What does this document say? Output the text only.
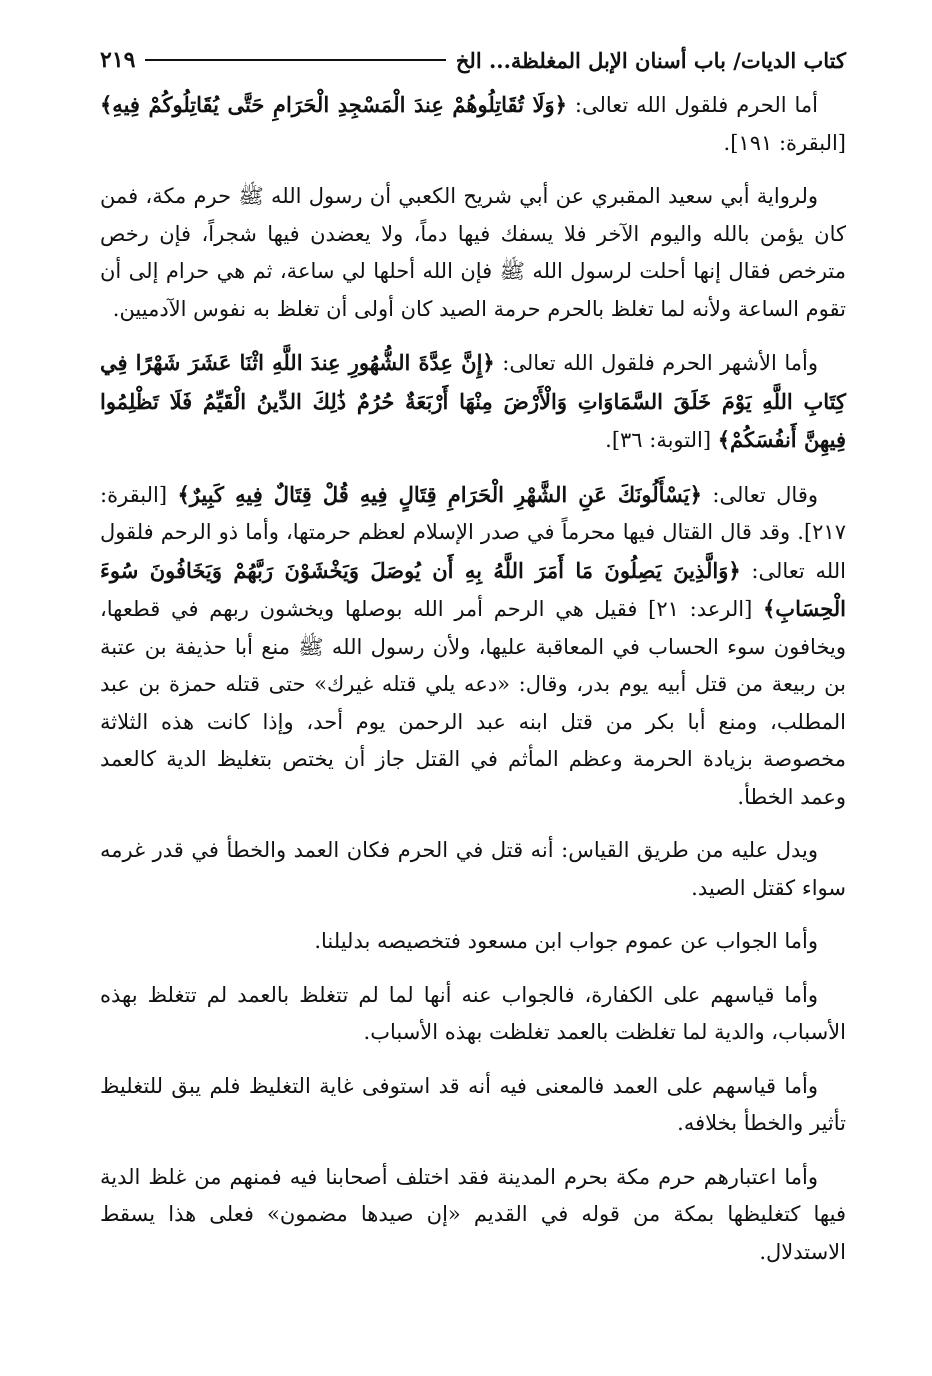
كتاب الديات/ باب أسنان الإبل المغلظة... الخ
٢١٩

أما الحرم فلقول الله تعالى: ﴿وَلَا تُقَاتِلُوهُمْ عِندَ الْمَسْجِدِ الْحَرَامِ حَتَّى يُقَاتِلُوكُمْ فِيهِ﴾ [البقرة: ١٩١].

ولرواية أبي سعيد المقبري عن أبي شريح الكعبي أن رسول الله ﷺ حرم مكة، فمن كان يؤمن بالله واليوم الآخر فلا يسفك فيها دماً، ولا يعضدن فيها شجراً، فإن رخص مترخص فقال إنها أحلت لرسول الله ﷺ فإن الله أحلها لي ساعة، ثم هي حرام إلى أن تقوم الساعة ولأنه لما تغلظ بالحرم حرمة الصيد كان أولى أن تغلظ به نفوس الآدميين.

وأما الأشهر الحرم فلقول الله تعالى: ﴿إِنَّ عِدَّةَ الشُّهُورِ عِندَ اللَّهِ اثْنَا عَشَرَ شَهْرًا فِي كِتَابِ اللَّهِ يَوْمَ خَلَقَ السَّمَاوَاتِ وَالْأَرْضَ مِنْهَا أَرْبَعَةٌ حُرُمٌ ذَٰلِكَ الدِّينُ الْقَيِّمُ فَلَا تَظْلِمُوا فِيهِنَّ أَنفُسَكُمْ﴾ [التوبة: ٣٦].

وقال تعالى: ﴿يَسْأَلُونَكَ عَنِ الشَّهْرِ الْحَرَامِ قِتَالٍ فِيهِ قُلْ قِتَالٌ فِيهِ كَبِيرٌ﴾ [البقرة: ٢١٧]. وقد قال القتال فيها محرماً في صدر الإسلام لعظم حرمتها، وأما ذو الرحم فلقول الله تعالى: ﴿وَالَّذِينَ يَصِلُونَ مَا أَمَرَ اللَّهُ بِهِ أَن يُوصَلَ وَيَخْشَوْنَ رَبَّهُمْ وَيَخَافُونَ سُوءَ الْحِسَابِ﴾ [الرعد: ٢١] فقيل هي الرحم أمر الله بوصلها ويخشون ربهم في قطعها، ويخافون سوء الحساب في المعاقبة عليها، ولأن رسول الله ﷺ منع أبا حذيفة بن عتبة بن ربيعة من قتل أبيه يوم بدر، وقال: «دعه يلي قتله غيرك» حتى قتله حمزة بن عبد المطلب، ومنع أبا بكر من قتل ابنه عبد الرحمن يوم أحد، وإذا كانت هذه الثلاثة مخصوصة بزيادة الحرمة وعظم المأثم في القتل جاز أن يختص بتغليظ الدية كالعمد وعمد الخطأ.

ويدل عليه من طريق القياس: أنه قتل في الحرم فكان العمد والخطأ في قدر غرمه سواء كقتل الصيد.

وأما الجواب عن عموم جواب ابن مسعود فتخصيصه بدليلنا.

وأما قياسهم على الكفارة، فالجواب عنه أنها لما لم تتغلظ بالعمد لم تتغلظ بهذه الأسباب، والدية لما تغلظت بالعمد تغلظت بهذه الأسباب.

وأما قياسهم على العمد فالمعنى فيه أنه قد استوفى غاية التغليظ فلم يبق للتغليظ تأثير والخطأ بخلافه.

وأما اعتبارهم حرم مكة بحرم المدينة فقد اختلف أصحابنا فيه فمنهم من غلظ الدية فيها كتغليظها بمكة من قوله في القديم «إن صيدها مضمون» فعلى هذا يسقط الاستدلال.
